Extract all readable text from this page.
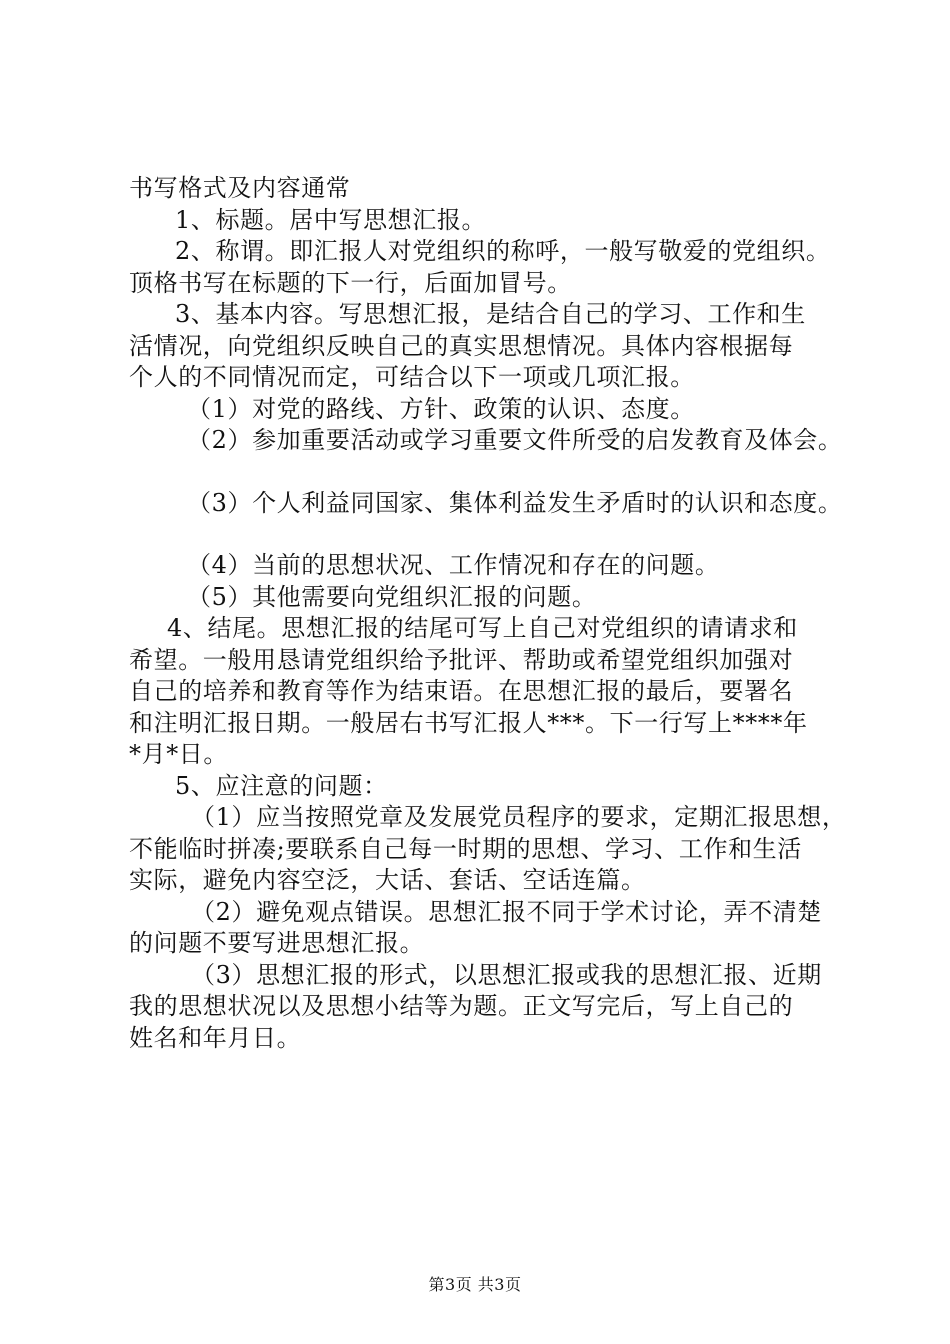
书写格式及内容通常
1、标题。居中写思想汇报。
2、称谓。即汇报人对党组织的称呼，一般写敬爱的党组织。
顶格书写在标题的下一行，后面加冒号。
3、基本内容。写思想汇报，是结合自己的学习、工作和生
活情况，向党组织反映自己的真实思想情况。具体内容根据每
个人的不同情况而定，可结合以下一项或几项汇报。
（1）对党的路线、方针、政策的认识、态度。
（2）参加重要活动或学习重要文件所受的启发教育及体会。
（3）个人利益同国家、集体利益发生矛盾时的认识和态度。
（4）当前的思想状况、工作情况和存在的问题。
（5）其他需要向党组织汇报的问题。
4、结尾。思想汇报的结尾可写上自己对党组织的请请求和
希望。一般用恳请党组织给予批评、帮助或希望党组织加强对
自己的培养和教育等作为结束语。在思想汇报的最后，要署名
和注明汇报日期。一般居右书写汇报人***。下一行写上****年
*月*日。
5、应注意的问题：
（1）应当按照党章及发展党员程序的要求，定期汇报思想，
不能临时拼凑;要联系自己每一时期的思想、学习、工作和生活
实际，避免内容空泛，大话、套话、空话连篇。
（2）避免观点错误。思想汇报不同于学术讨论，弄不清楚
的问题不要写进思想汇报。
（3）思想汇报的形式，以思想汇报或我的思想汇报、近期
我的思想状况以及思想小结等为题。正文写完后，写上自己的
姓名和年月日。
第3页 共3页
